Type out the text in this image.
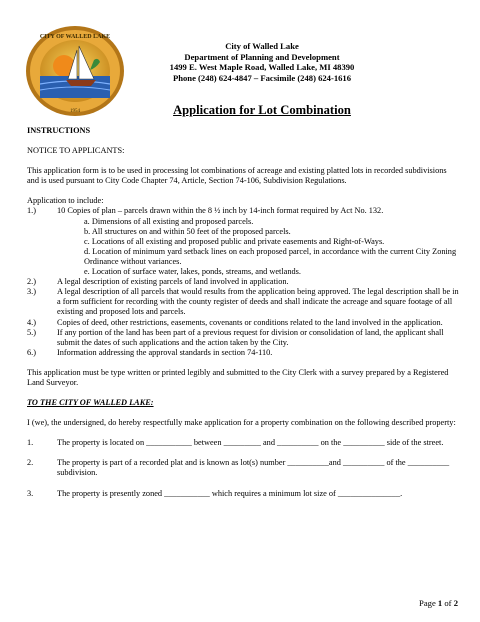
CITY OF WALLED LAKE
1954
City of Walled Lake
Department of Planning and Development
1499 E. West Maple Road, Walled Lake, MI 48390
Phone (248) 624-4847 – Facsimile (248) 624-1616
Application for Lot Combination

INSTRUCTIONS

NOTICE TO APPLICANTS:

This application form is to be used in processing lot combinations of acreage and existing platted lots in recorded subdivisions and is used pursuant to City Code Chapter 74, Article, Section 74-106, Subdivision Regulations.

Application to include:

1.)	10 Copies of plan – parcels drawn within the 8 ½ inch by 14-inch format required by Act No. 132.
a. Dimensions of all existing and proposed parcels.
b. All structures on and within 50 feet of the proposed parcels.
c. Locations of all existing and proposed public and private easements and Right-of-Ways.
d. Location of minimum yard setback lines on each proposed parcel, in accordance with the current City Zoning Ordinance without variances.
e. Location of surface water, lakes, ponds, streams, and wetlands.
2.)	A legal description of existing parcels of land involved in application.
3.)	A legal description of all parcels that would results from the application being approved. The legal description shall be in a form sufficient for recording with the county register of deeds and shall indicate the acreage and square footage of all existing and proposed lots and parcels.
4.)	Copies of deed, other restrictions, easements, covenants or conditions related to the land involved in the application.
5.)	If any portion of the land has been part of a previous request for division or consolidation of land, the applicant shall submit the dates of such applications and the action taken by the City.
6.)	Information addressing the approval standards in section 74-110.

This application must be type written or printed legibly and submitted to the City Clerk with a survey prepared by a Registered Land Surveyor.

TO THE CITY OF WALLED LAKE:

I (we), the undersigned, do hereby respectfully make application for a property combination on the following described property:

1.	The property is located on ___________ between _________ and __________ on the __________ side of the street.
2.	The property is part of a recorded plat and is known as lot(s) number __________and __________ of the __________ subdivision.
3.	The property is presently zoned ___________ which requires a minimum lot size of _______________.
Page 1 of 2
